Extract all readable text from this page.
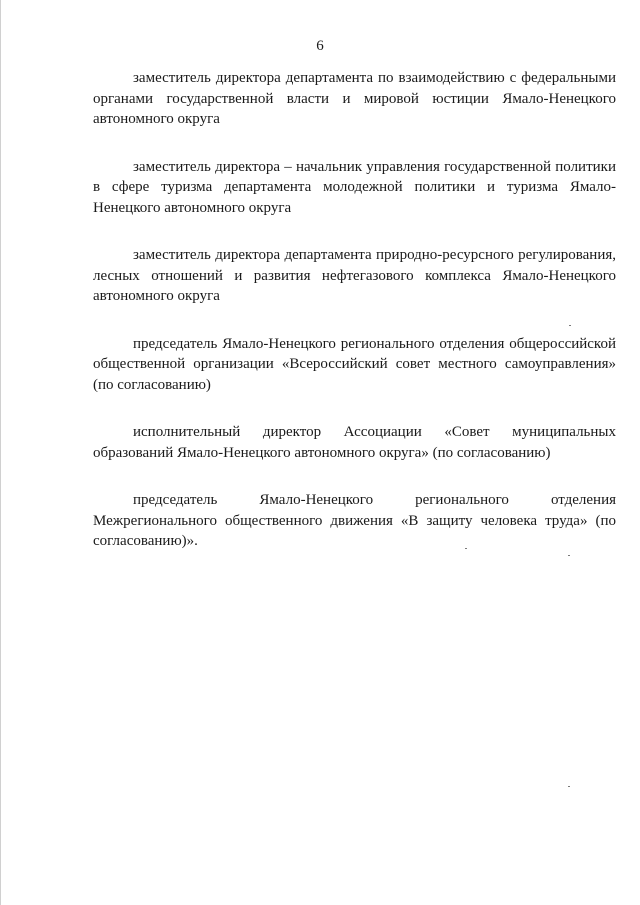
6

заместитель директора департамента по взаимодействию с федеральными органами государственной власти и мировой юстиции Ямало-Ненецкого автономного округа

заместитель директора – начальник управления государственной политики в сфере туризма департамента молодежной политики и туризма Ямало-Ненецкого автономного округа

заместитель директора департамента природно-ресурсного регулирования, лесных отношений и развития нефтегазового комплекса Ямало-Ненецкого автономного округа

председатель Ямало-Ненецкого регионального отделения общероссийской общественной организации «Всероссийский совет местного самоуправления» (по согласованию)

исполнительный директор Ассоциации «Совет муниципальных образований Ямало-Ненецкого автономного округа» (по согласованию)

председатель Ямало-Ненецкого регионального отделения Межрегионального общественного движения «В защиту человека труда» (по согласованию)».
